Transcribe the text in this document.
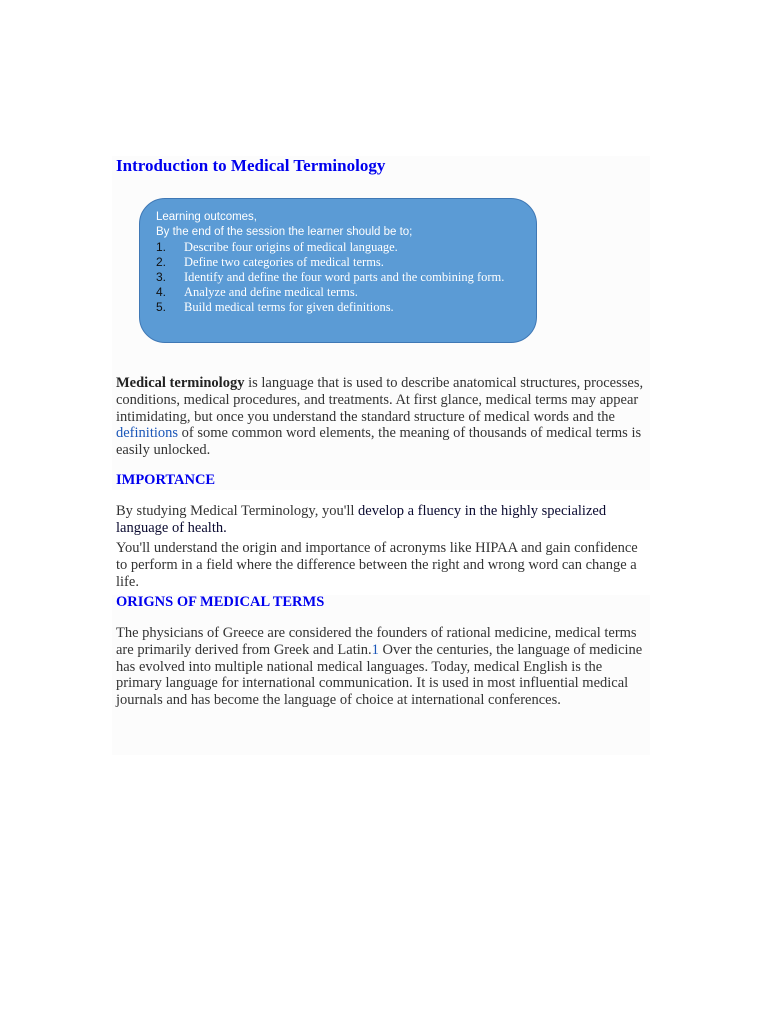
Introduction to Medical Terminology
Learning outcomes,
By the end of the session the learner should be to;
1.	Describe four origins of medical language.
2.	Define two categories of medical terms.
3.	Identify and define the four word parts and the combining form.
4.	Analyze and define medical terms.
5.	Build medical terms for given definitions.

Medical terminology is language that is used to describe anatomical structures, processes, conditions, medical procedures, and treatments. At first glance, medical terms may appear intimidating, but once you understand the standard structure of medical words and the definitions of some common word elements, the meaning of thousands of medical terms is easily unlocked.

IMPORTANCE

By studying Medical Terminology, you'll develop a fluency in the highly specialized language of health.

You'll understand the origin and importance of acronyms like HIPAA and gain confidence to perform in a field where the difference between the right and wrong word can change a life.

ORIGNS OF MEDICAL TERMS

The physicians of Greece are considered the founders of rational medicine, medical terms are primarily derived from Greek and Latin.1 Over the centuries, the language of medicine has evolved into multiple national medical languages. Today, medical English is the primary language for international communication. It is used in most influential medical journals and has become the language of choice at international conferences.
